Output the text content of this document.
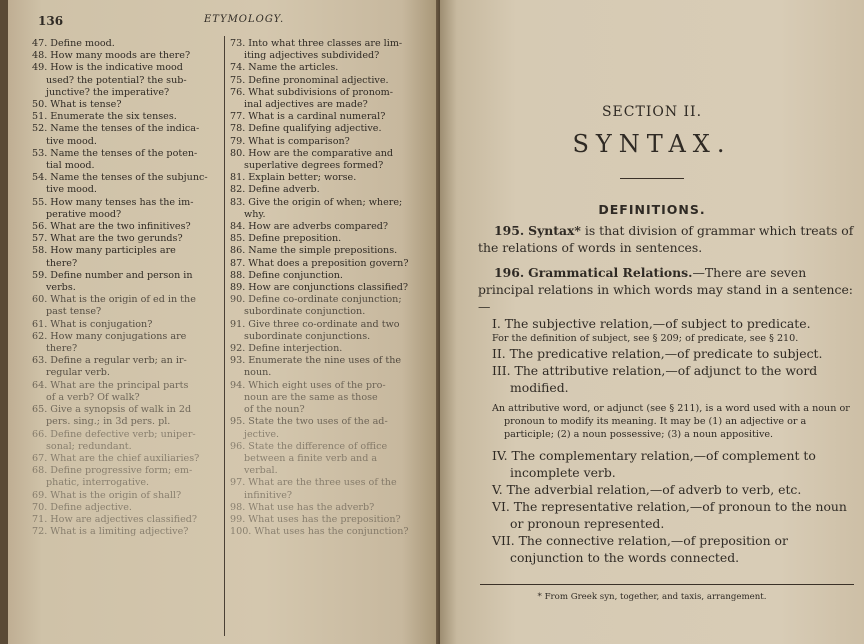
136	ETYMOLOGY.

47. Define mood.

48. How many moods are there?

49. How is the indicative mood

used? the potential? the sub-

junctive? the imperative?

50. What is tense?

51. Enumerate the six tenses.

52. Name the tenses of the indica-

tive mood.

53. Name the tenses of the poten-

tial mood.

54. Name the tenses of the subjunc-

tive mood.

55. How many tenses has the im-

perative mood?

56. What are the two infinitives?

57. What are the two gerunds?

58. How many participles are

there?

59. Define number and person in

verbs.

60. What is the origin of ed in the

past tense?

61. What is conjugation?

62. How many conjugations are

there?

63. Define a regular verb; an ir-

regular verb.

64. What are the principal parts

of a verb? Of walk?

65. Give a synopsis of walk in 2d

pers. sing.; in 3d pers. pl.

66. Define defective verb; uniper-

sonal; redundant.

67. What are the chief auxiliaries?

68. Define progressive form; em-

phatic, interrogative.

69. What is the origin of shall?

70. Define adjective.

71. How are adjectives classified?

72. What is a limiting adjective?

73. Into what three classes are lim-

iting adjectives subdivided?

74. Name the articles.

75. Define pronominal adjective.

76. What subdivisions of pronom-

inal adjectives are made?

77. What is a cardinal numeral?

78. Define qualifying adjective.

79. What is comparison?

80. How are the comparative and

superlative degrees formed?

81. Explain better; worse.

82. Define adverb.

83. Give the origin of when; where;

why.

84. How are adverbs compared?

85. Define preposition.

86. Name the simple prepositions.

87. What does a preposition govern?

88. Define conjunction.

89. How are conjunctions classified?

90. Define co-ordinate conjunction;

subordinate conjunction.

91. Give three co-ordinate and two

subordinate conjunctions.

92. Define interjection.

93. Enumerate the nine uses of the

noun.

94. Which eight uses of the pro-

noun are the same as those

of the noun?

95. State the two uses of the ad-

jective.

96. State the difference of office

between a finite verb and a

verbal.

97. What are the three uses of the

infinitive?

98. What use has the adverb?

99. What uses has the preposition?

100. What uses has the conjunction?

SECTION II.
SYNTAX.
DEFINITIONS.

195. Syntax* is that division of grammar which treats of the relations of words in sentences.

196. Grammatical Relations.—There are seven principal relations in which words may stand in a sentence:—

I. The subjective relation,—of subject to predicate.

For the definition of subject, see § 209; of predicate, see § 210.

II. The predicative relation,—of predicate to subject.

III. The attributive relation,—of adjunct to the word modified.

An attributive word, or adjunct (see § 211), is a word used with a noun or pronoun to modify its meaning. It may be (1) an adjective or a participle; (2) a noun possessive; (3) a noun appositive.

IV. The complementary relation,—of complement to incomplete verb.

V. The adverbial relation,—of adverb to verb, etc.

VI. The representative relation,—of pronoun to the noun or pronoun represented.

VII. The connective relation,—of preposition or conjunction to the words connected.

* From Greek syn, together, and taxis, arrangement.
